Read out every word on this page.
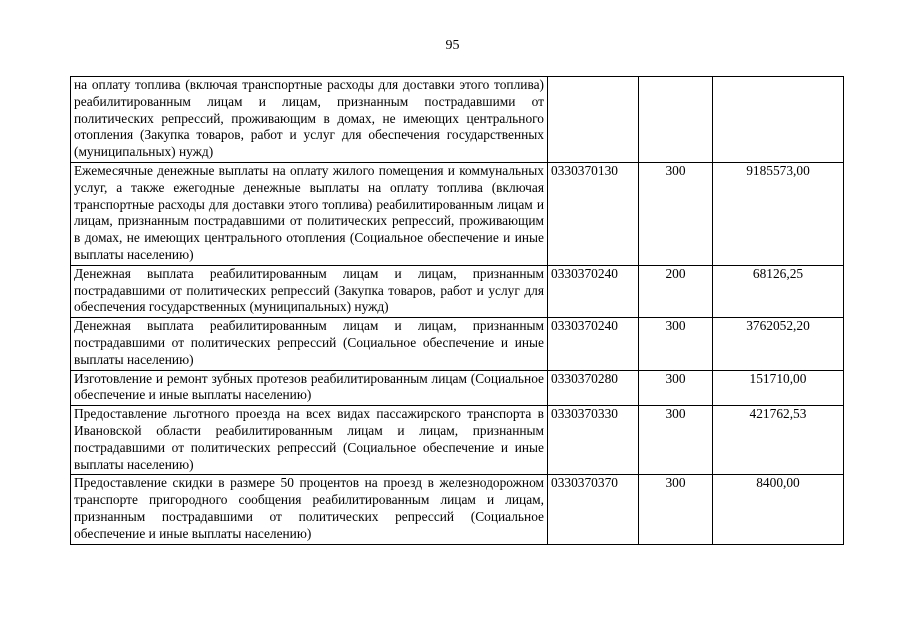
95
на оплату топлива (включая транспортные расходы для доставки этого топлива) реабилитированным лицам и лицам, признанным пострадавшими от политических репрессий, проживающим в домах, не имеющих центрального отопления (Закупка товаров, работ и услуг для обеспечения государственных (муниципальных) нужд)			
Ежемесячные денежные выплаты на оплату жилого помещения и коммунальных услуг, а также ежегодные денежные выплаты на оплату топлива (включая транспортные расходы для доставки этого топлива) реабилитированным лицам и лицам, признанным пострадавшими от политических репрессий, проживающим в домах, не имеющих центрального отопления (Социальное обеспечение и иные выплаты населению)	0330370130	300	9185573,00
Денежная выплата реабилитированным лицам и лицам, признанным пострадавшими от политических репрессий (Закупка товаров, работ и услуг для обеспечения государственных (муниципальных) нужд)	0330370240	200	68126,25
Денежная выплата реабилитированным лицам и лицам, признанным пострадавшими от политических репрессий (Социальное обеспечение и иные выплаты населению)	0330370240	300	3762052,20
Изготовление и ремонт зубных протезов реабилитированным лицам (Социальное обеспечение и иные выплаты населению)	0330370280	300	151710,00
Предоставление льготного проезда на всех видах пассажирского транспорта в Ивановской области реабилитированным лицам и лицам, признанным пострадавшими от политических репрессий (Социальное обеспечение и иные выплаты населению)	0330370330	300	421762,53
Предоставление скидки в размере 50 процентов на проезд в железнодорожном транспорте пригородного сообщения реабилитированным лицам и лицам, признанным пострадавшими от политических репрессий (Социальное обеспечение и иные выплаты населению)	0330370370	300	8400,00
